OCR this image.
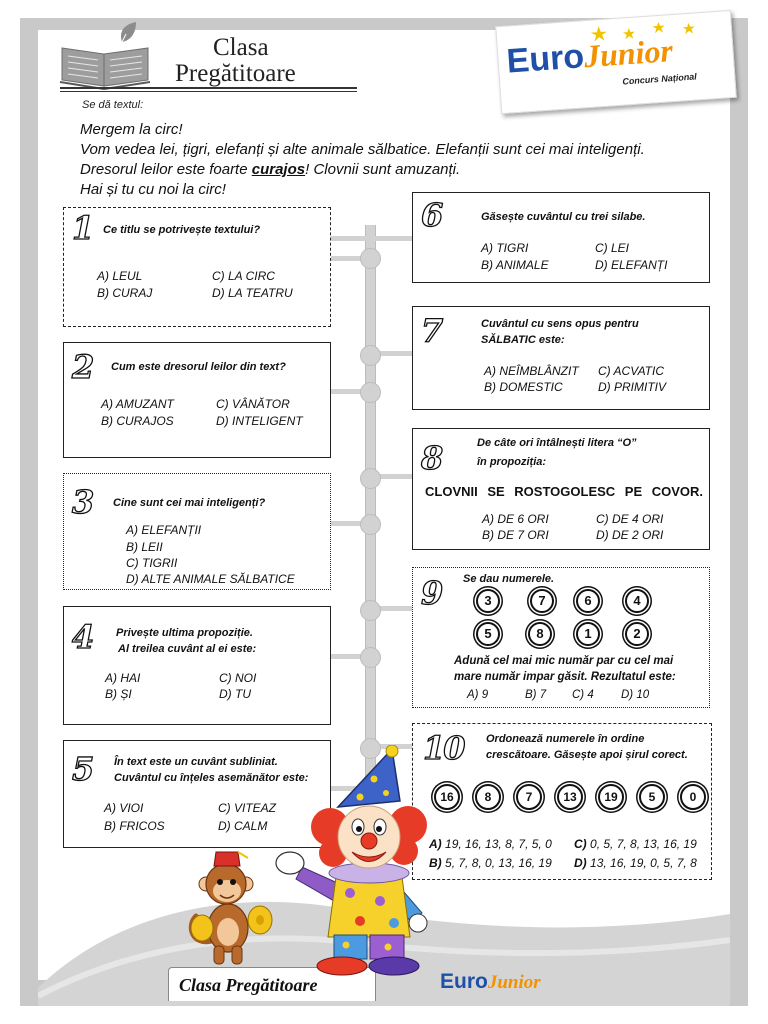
Clasa
Pregătitoare	EuroJunior
Concurs Național
Se dă textul:
Mergem la circ!
Vom vedea lei, țigri, elefanți și alte animale sălbatice. Elefanții sunt cei mai inteligenți.
Dresorul leilor este foarte curajos! Clovnii sunt amuzanți.
Hai și tu cu noi la circ!
1 Ce titlu se potrivește textului?
A) LEUL
B) CURAJ
C) LA CIRC
D) LA TEATRU
2 Cum este dresorul leilor din text?
A) AMUZANT
B) CURAJOS
C) VÂNĂTOR
D) INTELIGENT
3 Cine sunt cei mai inteligenți?
A) ELEFANȚII
B) LEII
C) TIGRII
D) ALTE ANIMALE SĂLBATICE
4 Privește ultima propoziție.
Al treilea cuvânt al ei este:
A) HAI
B) ȘI
C) NOI
D) TU
5 În text este un cuvânt subliniat.
Cuvântul cu înțeles asemănător este:
A) VIOI
B) FRICOS
C) VITEAZ
D) CALM
6	Găsește cuvântul cu trei silabe.
A) TIGRI
B) ANIMALE
C) LEI
D) ELEFANȚI
7	Cuvântul cu sens opus pentru
SĂLBATIC este:
A) NEÎMBLÂNZIT
B) DOMESTIC
C) ACVATIC
D) PRIMITIV
8	De câte ori întâlnești litera “O”
în propoziția:
CLOVNII SE ROSTOGOLESC PE COVOR.
A) DE 6 ORI
B) DE 7 ORI
C) DE 4 ORI
D) DE 2 ORI
9 Se dau numerele.
3	7	6	4
5	8	1	2
Adună cel mai mic număr par cu cel mai
mare număr impar găsit. Rezultatul este:
A) 9	B) 7 C) 4 D) 10
10 Ordonează numerele în ordine
crescătoare. Găsește apoi șirul corect.
16	8	7	13	19	5	0
A) 19, 16, 13, 8, 7, 5, 0
B) 5, 7, 8, 0, 13, 16, 19
C) 0, 5, 7, 8, 13, 16, 19
D) 13, 16, 19, 0, 5, 7, 8
Clasa Pregătitoare	EuroJunior
